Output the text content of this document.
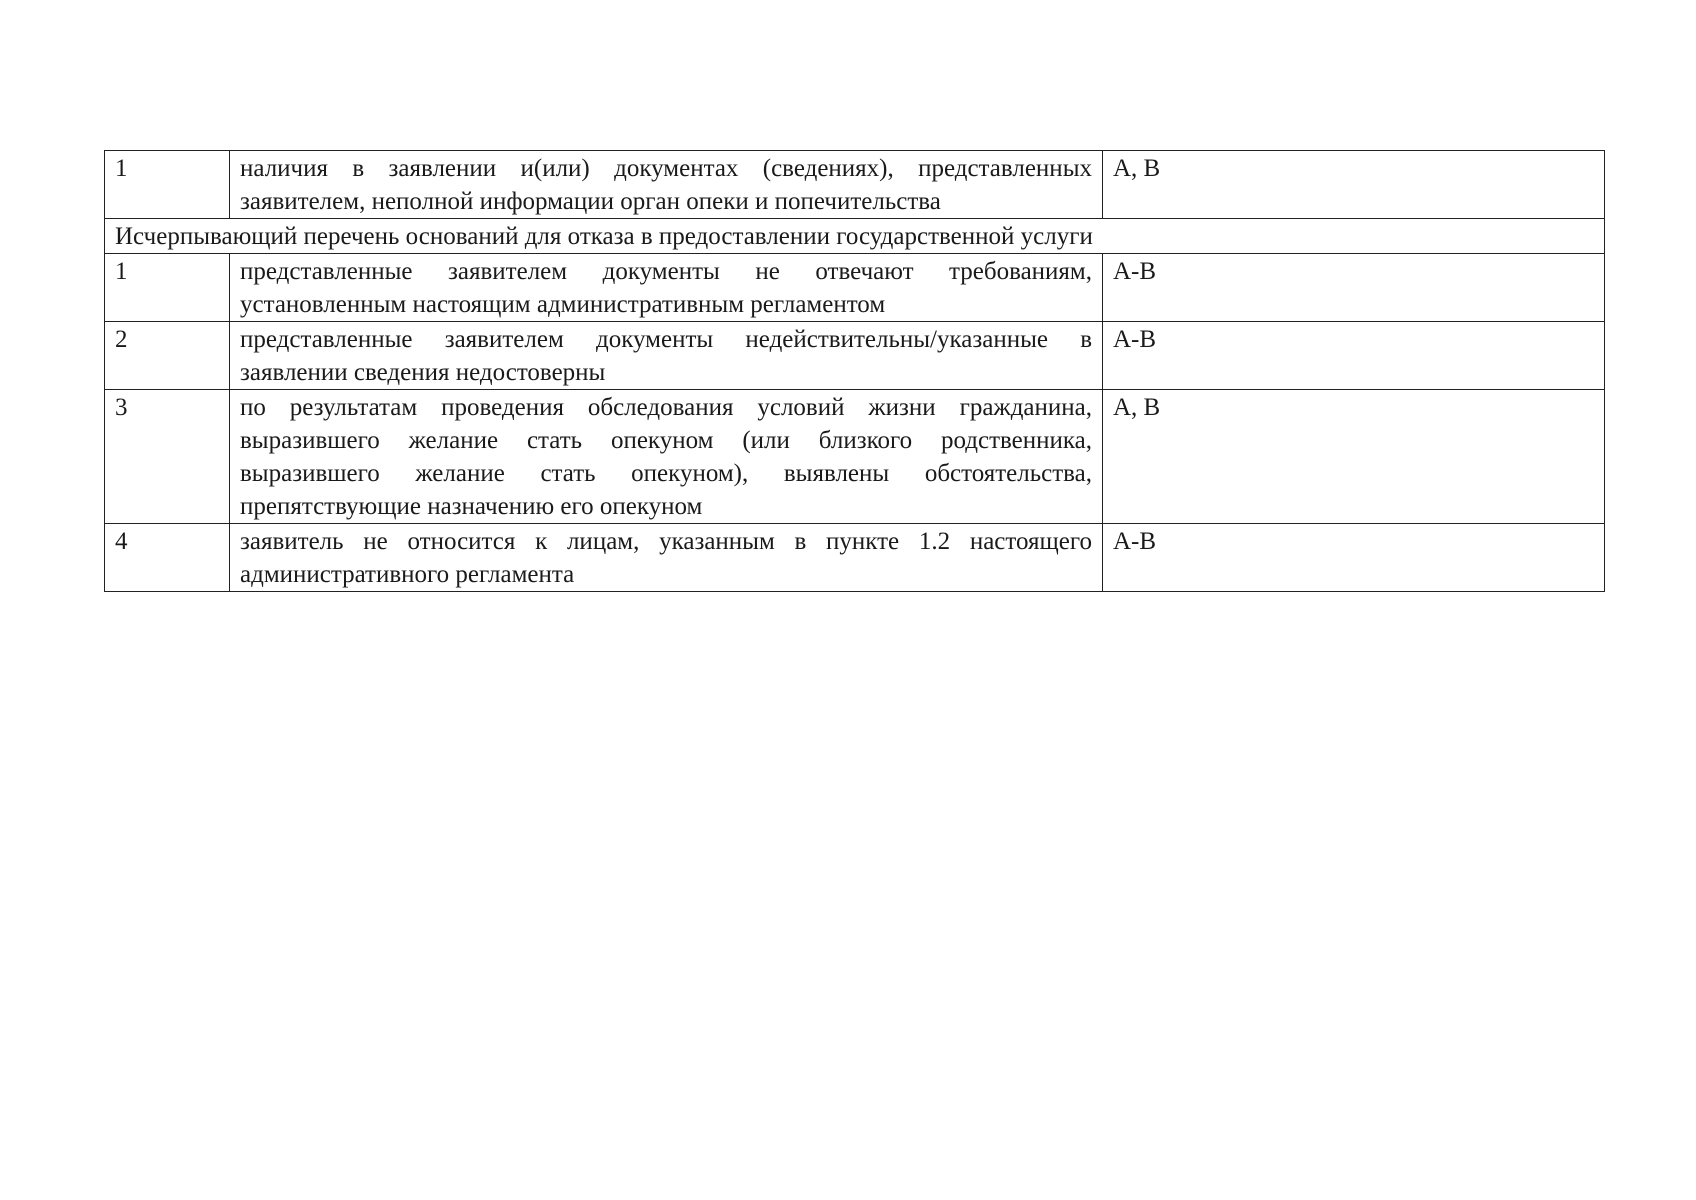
1	наличия в заявлении и(или) документах (сведениях), представленных заявителем, неполной информации орган опеки и попечительства	А, В
Исчерпывающий перечень оснований для отказа в предоставлении государственной услуги		
1	представленные заявителем документы не отвечают требованиям, установленным настоящим административным регламентом	А-В
2	представленные заявителем документы недействительны/указанные в заявлении сведения недостоверны	А-В
3	по результатам проведения обследования условий жизни гражданина, выразившего желание стать опекуном (или близкого родственника, выразившего желание стать опекуном), выявлены обстоятельства, препятствующие назначению его опекуном	А, В
4	заявитель не относится к лицам, указанным в пункте 1.2 настоящего административного регламента	А-В
